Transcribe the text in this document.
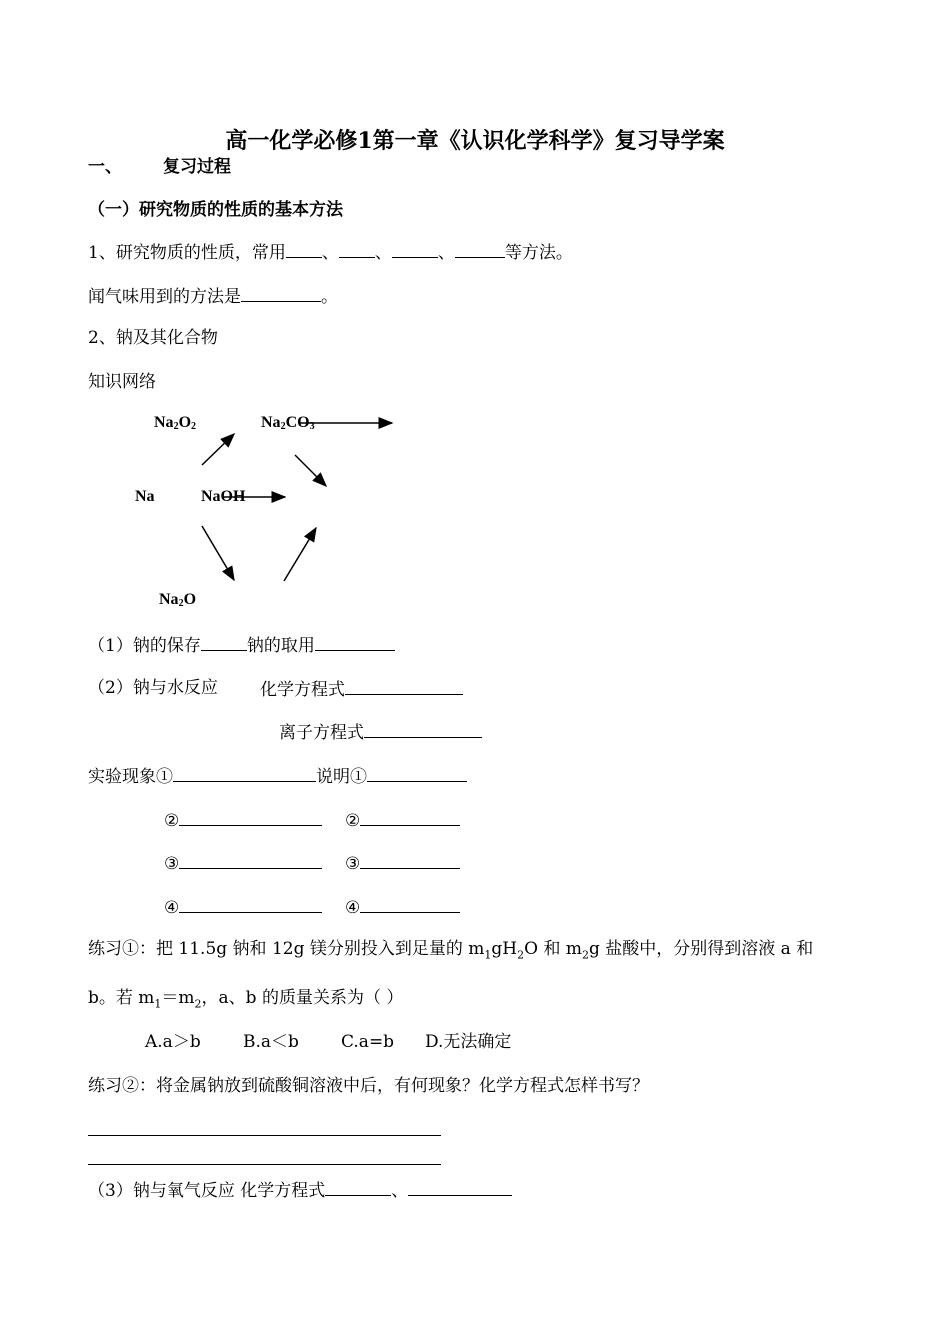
高一化学必修1第一章《认识化学科学》复习导学案
一、 复习过程
（一）研究物质的性质的基本方法
1、研究物质的性质，常用 、 、	、	等方法。
闻气味用到的方法是	。
2、钠及其化合物
知识网络
$Na_2O_2$	$Na_2CO_3$
Na	NaOH
$Na_2O$
（1）钠的保存	钠的取用
（2）钠与水反应 化学方程式
离子方程式
实验现象①	说明①
②	②
③	③
④	④
练习①：把 11.5g 钠和 12g 镁分别投入到足量的 $m_1gH_2O$ 和 $m_2g$ 盐酸中，分别得到溶液 a 和
b。若 $m_1=m_2$，a、b 的质量关系为（ ）
A.a＞b B.a＜b C.a=b D.无法确定
练习②：将金属钠放到硫酸铜溶液中后，有何现象？化学方程式怎样书写？
（3）钠与氧气反应 化学方程式	、
